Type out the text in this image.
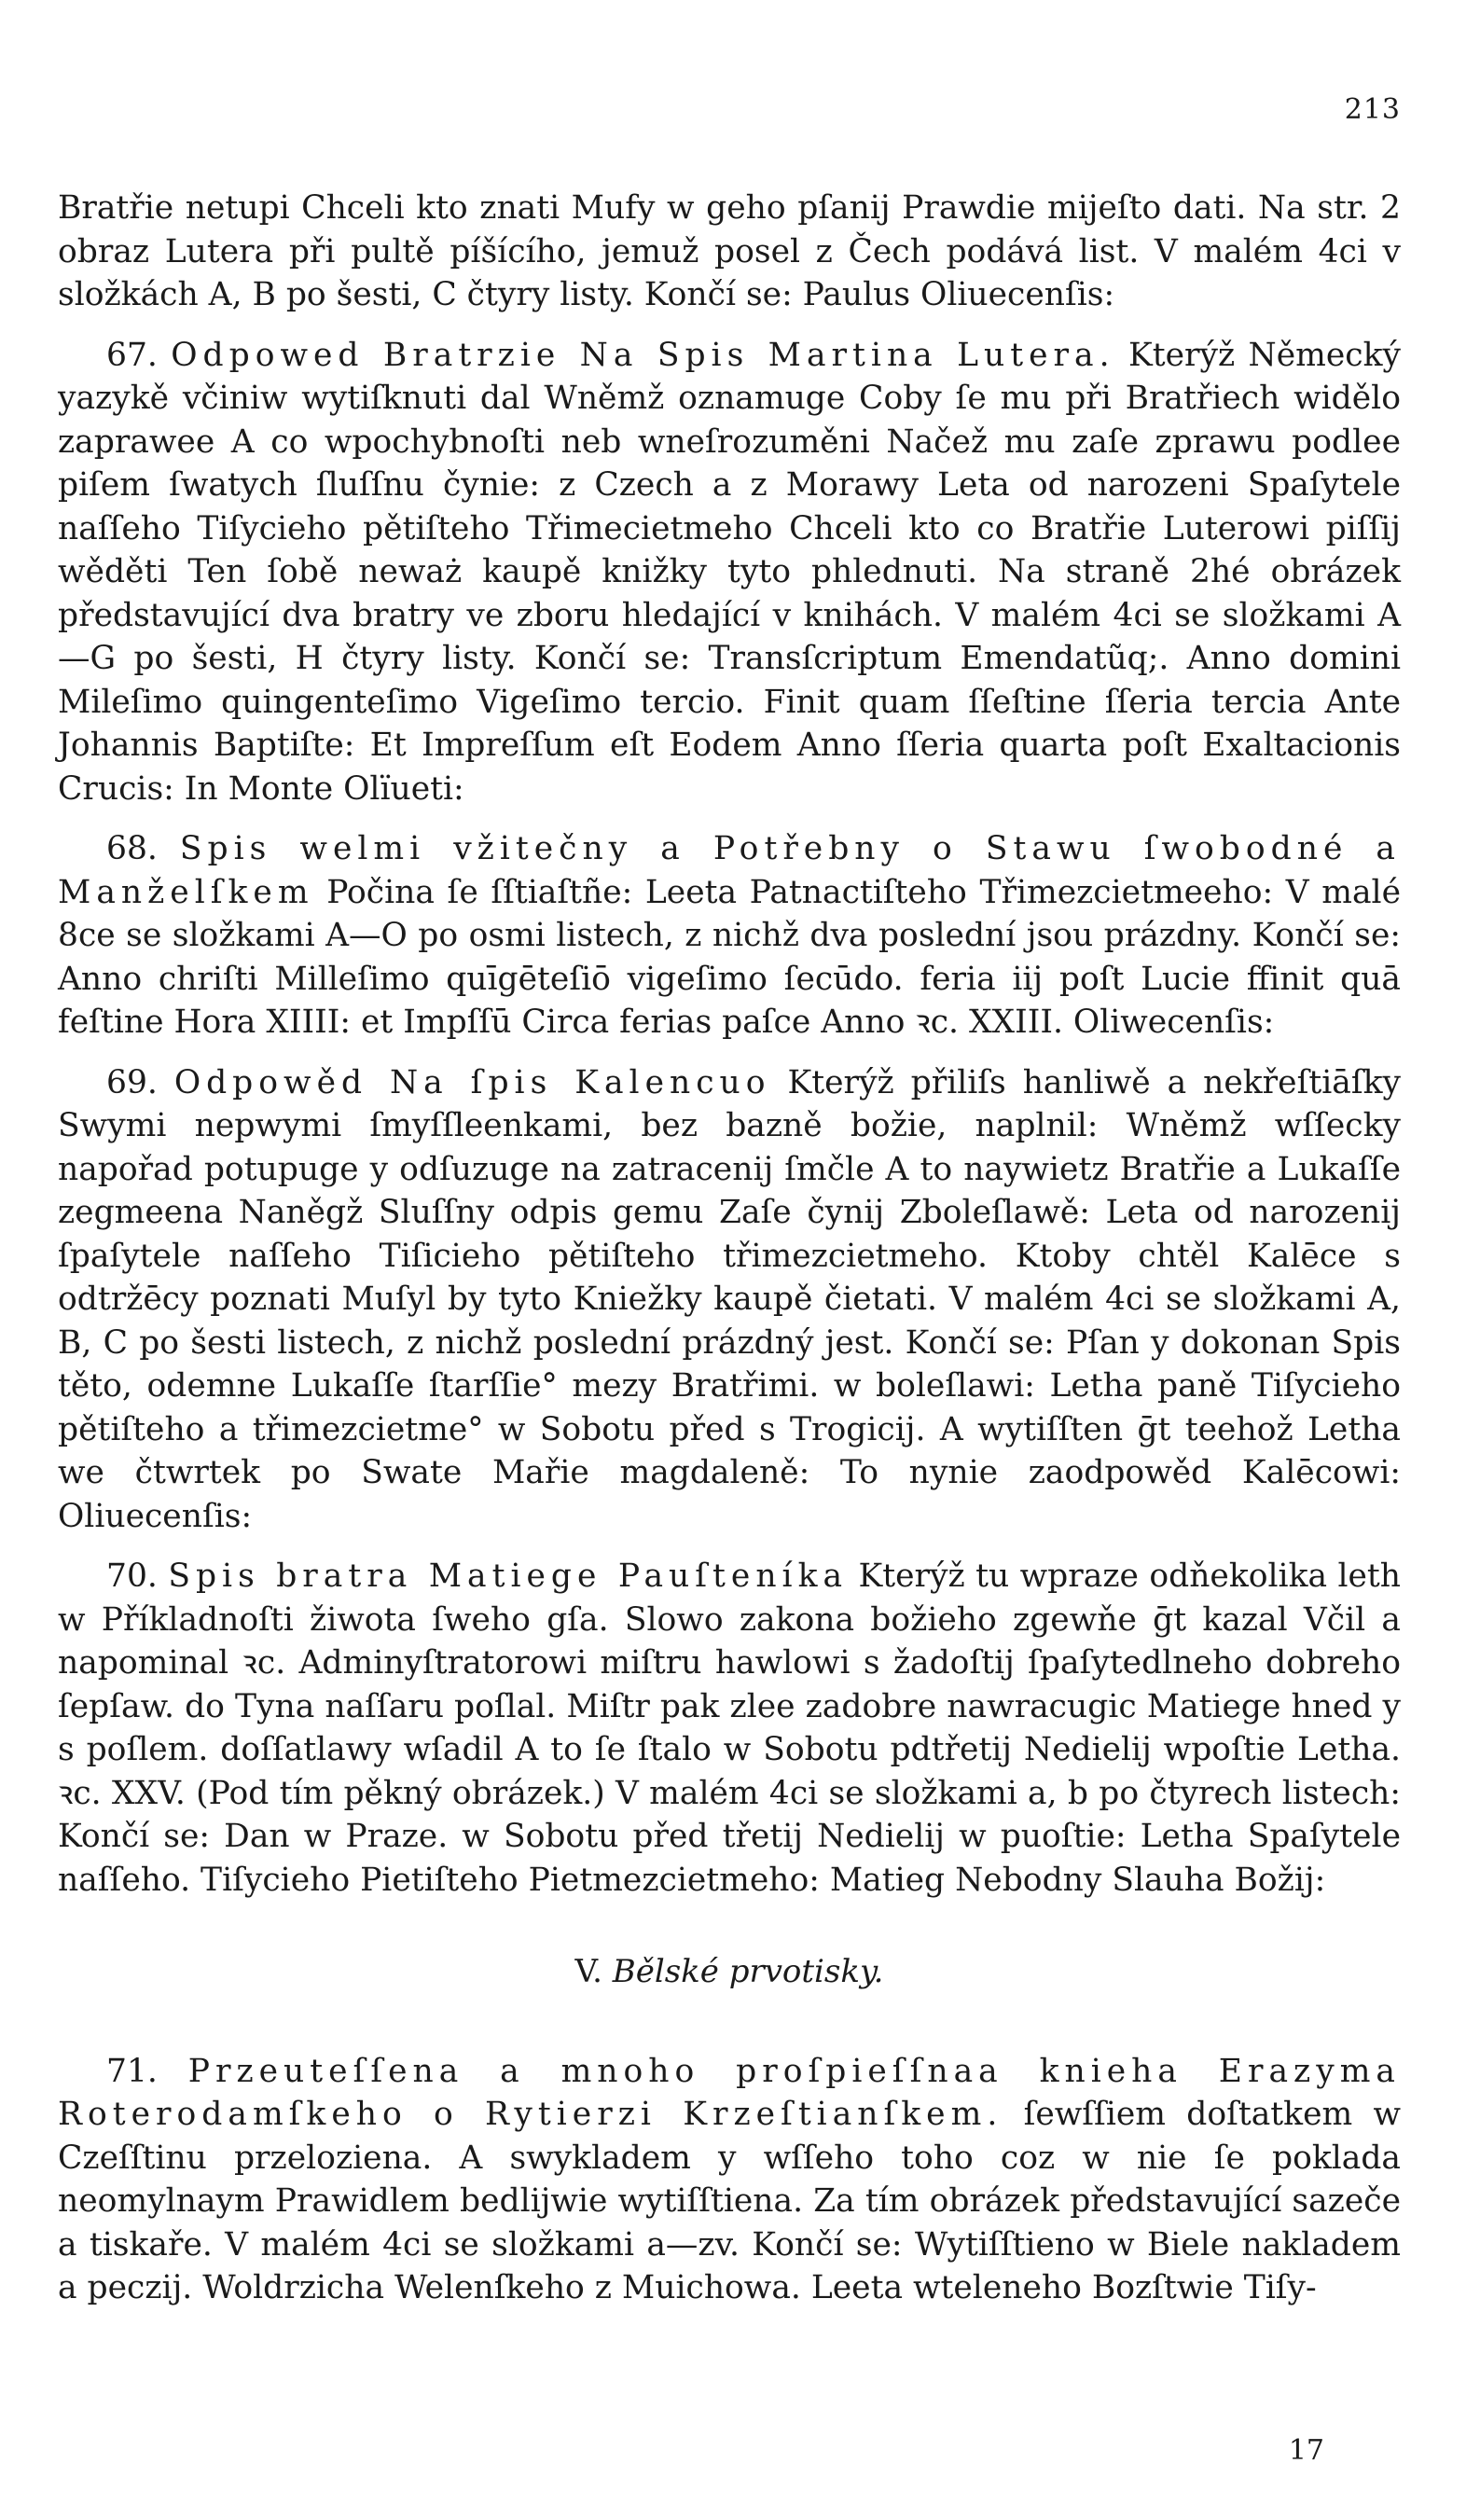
213

Bratřie netupi Chceli kto znati Mufy w geho pſanij Prawdie mijeſto dati. Na str. 2 obraz Lutera při pultě píšícího, jemuž posel z Čech podává list. V malém 4ci v složkách A, B po šesti, C čtyry listy. Končí se: Paulus Oliuecenſis:

67. Odpowed Bratrzie Na Spis Martina Lutera. Kterýž Německý yazykě včiniw wytiſknuti dal Wněmž oznamuge Coby ſe mu při Bratřiech widělo zaprawee A co wpochybnoſti neb wneſrozuměni Načež mu zaſe zprawu podlee piſem ſwatych ſluſſnu čynie: z Czech a z Morawy Leta od narozeni Spaſytele naſſeho Tiſycieho pětiſteho Třimecietmeho Chceli kto co Bratřie Luterowi piſſij wěděti Ten ſobě neważ kaupě knižky tyto phlednuti. Na straně 2hé obrázek představující dva bratry ve zboru hledající v knihách. V malém 4ci se složkami A—G po šesti, H čtyry listy. Končí se: Transſcriptum Emendatũq;. Anno domini Mileſimo quingenteſimo Vigeſimo tercio. Finit quam ſſeſtine ſſeria tercia Ante Johannis Baptiſte: Et Impreſſum eſt Eodem Anno ſſeria quarta poſt Exaltacionis Crucis: In Monte Olïueti:

68. Spis welmi vžitečny a Potřebny o Stawu ſwobodné a Manželſkem Počina ſe ſſtiaſtñe: Leeta Patnactiſteho Třimezcietmeeho: V malé 8ce se složkami A—O po osmi listech, z nichž dva poslední jsou prázdny. Končí se: Anno chriſti Milleſimo quīgēteſiō vigeſimo ſecūdo. feria iij poſt Lucie ffinit quā feſtine Hora XIIII: et Impſſū Circa ferias paſce Anno ꝛc. XXIII. Oliwecenſis:

69. Odpowěd Na ſpis Kalencuo Kterýž přiliſs hanliwě a nekřeſtiāſky Swymi nepwymi ſmyſſleenkami, bez bazně božie, naplnil: Wněmž wſſecky napořad potupuge y odſuzuge na zatracenij ſmčle A to naywietz Bratřie a Lukaſſe zegmeena Naněgž Sluſſny odpis gemu Zaſe čynij Zboleſlawě: Leta od narozenij ſpaſytele naſſeho Tiſicieho pětiſteho třimezcietmeho. Ktoby chtěl Kalēce s odtržēcy poznati Muſyl by tyto Kniežky kaupě čietati. V malém 4ci se složkami A, B, C po šesti listech, z nichž poslední prázdný jest. Končí se: Pſan y dokonan Spis těto, odemne Lukaſſe ſtarſſie° mezy Bratřimi. w boleſlawi: Letha paně Tiſycieho pětiſteho a třimezcietme° w Sobotu před s Trogicij. A wytiſſten ḡt teehož Letha we čtwrtek po Swate Mařie magdaleně: To nynie zaodpowěd Kalēcowi: Oliuecenſis:

70. Spis bratra Matiege Pauſteníka Kterýž tu wpraze odňekolika leth w Příkladnoſti žiwota ſweho gſa. Slowo zakona božieho zgewňe ḡt kazal Včil a napominal ꝛc. Adminyſtratorowi miſtru hawlowi s žadoſtij ſpaſytedlneho dobreho ſepſaw. do Tyna naſſaru poſlal. Miſtr pak zlee zadobre nawracugic Matiege hned y s poſlem. doſſatlawy wſadil A to ſe ſtalo w Sobotu pdtřetij Nedielij wpoſtie Letha. ꝛc. XXV. (Pod tím pěkný obrázek.) V malém 4ci se složkami a, b po čtyrech listech: Končí se: Dan w Praze. w Sobotu před třetij Nedielij w puoſtie: Letha Spaſytele naſſeho. Tiſycieho Pietiſteho Pietmezcietmeho: Matieg Nebodny Slauha Božij:

V. Bělské prvotisky.

71. Przeuteſſena a mnoho proſpieſſnaa knieha Erazyma Roterodamſkeho o Rytierzi Krzeſtianſkem. ſewſſiem doſtatkem w Czeſſtinu przeloziena. A swykladem y wſſeho toho coz w nie ſe poklada neomylnaym Prawidlem bedlijwie wytiſſtiena. Za tím obrázek představující sazeče a tiskaře. V malém 4ci se složkami a—zv. Končí se: Wytiſſtieno w Biele nakladem a peczij. Woldrzicha Welenſkeho z Muichowa. Leeta wteleneho Bozſtwie Tiſy-

17
